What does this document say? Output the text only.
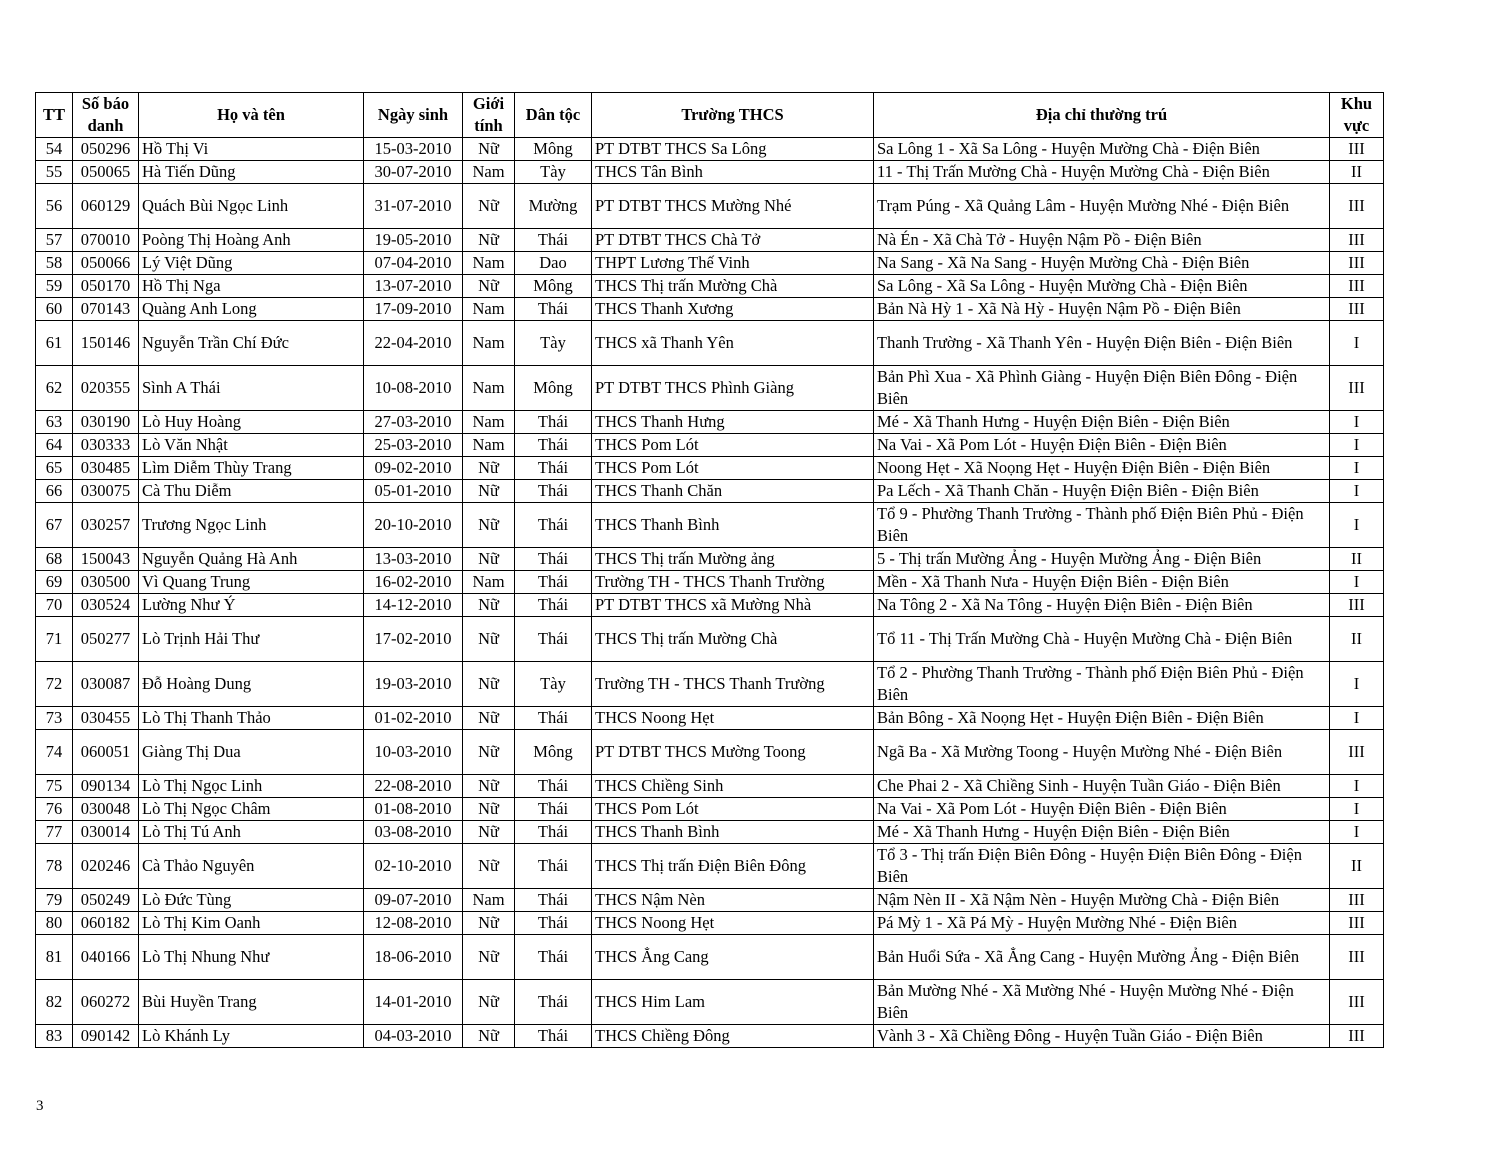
TT	Số báo danh	Họ và tên	Ngày sinh	Giới tính	Dân tộc	Trường THCS	Địa chỉ thường trú	Khu vực
54	050296	Hồ Thị Vi	15-03-2010	Nữ	Mông	PT DTBT THCS Sa Lông	Sa Lông 1 - Xã Sa Lông - Huyện Mường Chà - Điện Biên	III
55	050065	Hà Tiến Dũng	30-07-2010	Nam	Tày	THCS Tân Bình	11 - Thị Trấn Mường Chà - Huyện Mường Chà - Điện Biên	II
56	060129	Quách Bùi Ngọc Linh	31-07-2010	Nữ	Mường	PT DTBT THCS Mường Nhé	Trạm Púng - Xã Quảng Lâm - Huyện Mường Nhé - Điện Biên	III
57	070010	Poòng Thị Hoàng Anh	19-05-2010	Nữ	Thái	PT DTBT THCS Chà Tở	Nà Én - Xã Chà Tở - Huyện Nậm Pồ - Điện Biên	III
58	050066	Lý Việt Dũng	07-04-2010	Nam	Dao	THPT Lương Thế Vinh	Na Sang - Xã Na Sang - Huyện Mường Chà - Điện Biên	III
59	050170	Hồ Thị Nga	13-07-2010	Nữ	Mông	THCS Thị trấn Mường Chà	Sa Lông - Xã Sa Lông - Huyện Mường Chà - Điện Biên	III
60	070143	Quàng Anh Long	17-09-2010	Nam	Thái	THCS Thanh Xương	Bản Nà Hỳ 1 - Xã Nà Hỳ - Huyện Nậm Pồ - Điện Biên	III
61	150146	Nguyễn Trần Chí Đức	22-04-2010	Nam	Tày	THCS xã Thanh Yên	Thanh Trường - Xã Thanh Yên - Huyện Điện Biên - Điện Biên	I
62	020355	Sình A Thái	10-08-2010	Nam	Mông	PT DTBT THCS Phình Giàng	Bản Phì Xua - Xã Phình Giàng - Huyện Điện Biên Đông - Điện Biên	III
63	030190	Lò Huy Hoàng	27-03-2010	Nam	Thái	THCS Thanh Hưng	Mé - Xã Thanh Hưng - Huyện Điện Biên - Điện Biên	I
64	030333	Lò Văn Nhật	25-03-2010	Nam	Thái	THCS Pom Lót	Na Vai - Xã Pom Lót - Huyện Điện Biên - Điện Biên	I
65	030485	Lìm Diễm Thùy Trang	09-02-2010	Nữ	Thái	THCS Pom Lót	Noong Hẹt - Xã Noọng Hẹt - Huyện Điện Biên - Điện Biên	I
66	030075	Cà Thu Diễm	05-01-2010	Nữ	Thái	THCS Thanh Chăn	Pa Lếch - Xã Thanh Chăn - Huyện Điện Biên - Điện Biên	I
67	030257	Trương Ngọc Linh	20-10-2010	Nữ	Thái	THCS Thanh Bình	Tổ 9 - Phường Thanh Trường - Thành phố Điện Biên Phủ - Điện Biên	I
68	150043	Nguyễn Quảng Hà Anh	13-03-2010	Nữ	Thái	THCS Thị trấn Mường ảng	5 - Thị trấn Mường Ảng - Huyện Mường Ảng - Điện Biên	II
69	030500	Vì Quang Trung	16-02-2010	Nam	Thái	Trường TH - THCS Thanh Trường	Mền - Xã Thanh Nưa - Huyện Điện Biên - Điện Biên	I
70	030524	Lường Như Ý	14-12-2010	Nữ	Thái	PT DTBT THCS xã Mường Nhà	Na Tông 2 - Xã Na Tông - Huyện Điện Biên - Điện Biên	III
71	050277	Lò Trịnh Hải Thư	17-02-2010	Nữ	Thái	THCS Thị trấn Mường Chà	Tổ 11 - Thị Trấn Mường Chà - Huyện Mường Chà - Điện Biên	II
72	030087	Đỗ Hoàng Dung	19-03-2010	Nữ	Tày	Trường TH - THCS Thanh Trường	Tổ 2 - Phường Thanh Trường - Thành phố Điện Biên Phủ - Điện Biên	I
73	030455	Lò Thị Thanh Thảo	01-02-2010	Nữ	Thái	THCS Noong Hẹt	Bản Bông - Xã Noọng Hẹt - Huyện Điện Biên - Điện Biên	I
74	060051	Giàng Thị Dua	10-03-2010	Nữ	Mông	PT DTBT THCS Mường Toong	Ngã Ba - Xã Mường Toong - Huyện Mường Nhé - Điện Biên	III
75	090134	Lò Thị Ngọc Linh	22-08-2010	Nữ	Thái	THCS Chiềng Sinh	Che Phai 2 - Xã Chiềng Sinh - Huyện Tuần Giáo - Điện Biên	I
76	030048	Lò Thị Ngọc Châm	01-08-2010	Nữ	Thái	THCS Pom Lót	Na Vai - Xã Pom Lót - Huyện Điện Biên - Điện Biên	I
77	030014	Lò Thị Tú Anh	03-08-2010	Nữ	Thái	THCS Thanh Bình	Mé - Xã Thanh Hưng - Huyện Điện Biên - Điện Biên	I
78	020246	Cà Thảo Nguyên	02-10-2010	Nữ	Thái	THCS Thị trấn Điện Biên Đông	Tổ 3 - Thị trấn Điện Biên Đông - Huyện Điện Biên Đông - Điện Biên	II
79	050249	Lò Đức Tùng	09-07-2010	Nam	Thái	THCS Nậm Nèn	Nậm Nèn II - Xã Nậm Nèn - Huyện Mường Chà - Điện Biên	III
80	060182	Lò Thị Kim Oanh	12-08-2010	Nữ	Thái	THCS Noong Hẹt	Pá Mỳ 1 - Xã Pá Mỳ - Huyện Mường Nhé - Điện Biên	III
81	040166	Lò Thị Nhung Như	18-06-2010	Nữ	Thái	THCS Ẳng Cang	Bản Huổi Sứa - Xã Ẳng Cang - Huyện Mường Ảng - Điện Biên	III
82	060272	Bùi Huyền Trang	14-01-2010	Nữ	Thái	THCS Him Lam	Bản Mường Nhé - Xã Mường Nhé - Huyện Mường Nhé - Điện Biên	III
83	090142	Lò Khánh Ly	04-03-2010	Nữ	Thái	THCS Chiềng Đông	Vành 3 - Xã Chiềng Đông - Huyện Tuần Giáo - Điện Biên	III
3
